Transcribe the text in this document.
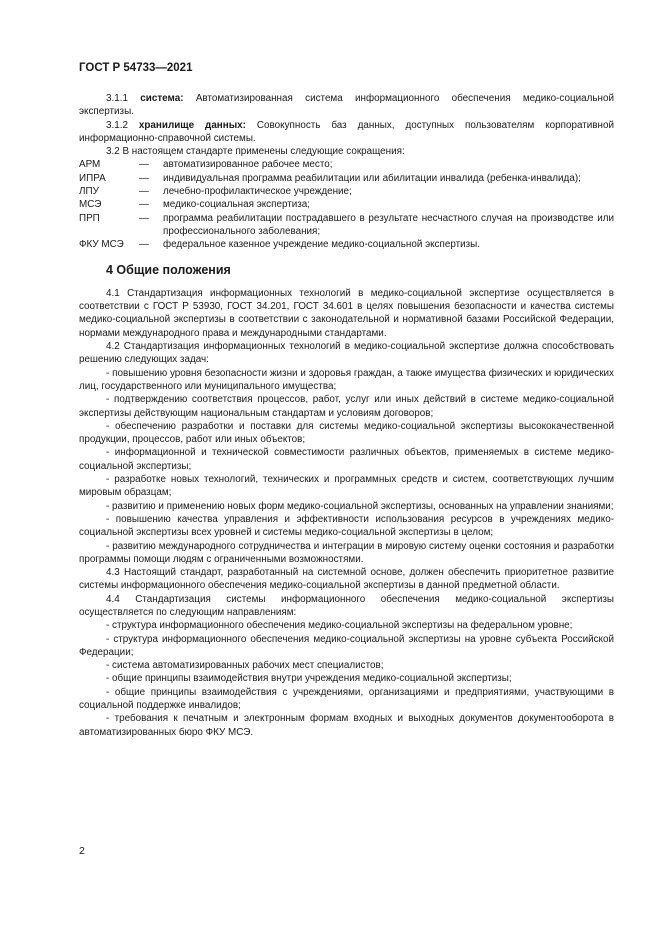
ГОСТ Р 54733—2021

3.1.1 система: Автоматизированная система информационного обеспечения медико-социальной экспертизы.

3.1.2 хранилище данных: Совокупность баз данных, доступных пользователям корпоративной информационно-справочной системы.

3.2 В настоящем стандарте применены следующие сокращения:

АРМ	—	автоматизированное рабочее место;
ИПРА	—	индивидуальная программа реабилитации или абилитации инвалида (ребенка-инвалида);
ЛПУ	—	лечебно-профилактическое учреждение;
МСЭ	—	медико-социальная экспертиза;
ПРП	—	программа реабилитации пострадавшего в результате несчастного случая на производстве или профессионального заболевания;
ФКУ МСЭ	—	федеральное казенное учреждение медико-социальной экспертизы.
4 Общие положения

4.1 Стандартизация информационных технологий в медико-социальной экспертизе осуществляется в соответствии с ГОСТ Р 53930, ГОСТ 34.201, ГОСТ 34.601 в целях повышения безопасности и качества системы медико-социальной экспертизы в соответствии с законодательной и нормативной базами Российской Федерации, нормами международного права и международными стандартами.

4.2 Стандартизация информационных технологий в медико-социальной экспертизе должна способствовать решению следующих задач:

- повышению уровня безопасности жизни и здоровья граждан, а также имущества физических и юридических лиц, государственного или муниципального имущества;

- подтверждению соответствия процессов, работ, услуг или иных действий в системе медико-социальной экспертизы действующим национальным стандартам и условиям договоров;

- обеспечению разработки и поставки для системы медико-социальной экспертизы высококачественной продукции, процессов, работ или иных объектов;

- информационной и технической совместимости различных объектов, применяемых в системе медико-социальной экспертизы;

- разработке новых технологий, технических и программных средств и систем, соответствующих лучшим мировым образцам;

- развитию и применению новых форм медико-социальной экспертизы, основанных на управлении знаниями;

- повышению качества управления и эффективности использования ресурсов в учреждениях медико-социальной экспертизы всех уровней и системы медико-социальной экспертизы в целом;

- развитию международного сотрудничества и интеграции в мировую систему оценки состояния и разработки программы помощи людям с ограниченными возможностями.

4.3 Настоящий стандарт, разработанный на системной основе, должен обеспечить приоритетное развитие системы информационного обеспечения медико-социальной экспертизы в данной предметной области.

4.4 Стандартизация системы информационного обеспечения медико-социальной экспертизы осуществляется по следующим направлениям:

- структура информационного обеспечения медико-социальной экспертизы на федеральном уровне;

- структура информационного обеспечения медико-социальной экспертизы на уровне субъекта Российской Федерации;

- система автоматизированных рабочих мест специалистов;

- общие принципы взаимодействия внутри учреждения медико-социальной экспертизы;

- общие принципы взаимодействия с учреждениями, организациями и предприятиями, участвующими в социальной поддержке инвалидов;

- требования к печатным и электронным формам входных и выходных документов документооборота в автоматизированных бюро ФКУ МСЭ.

2
